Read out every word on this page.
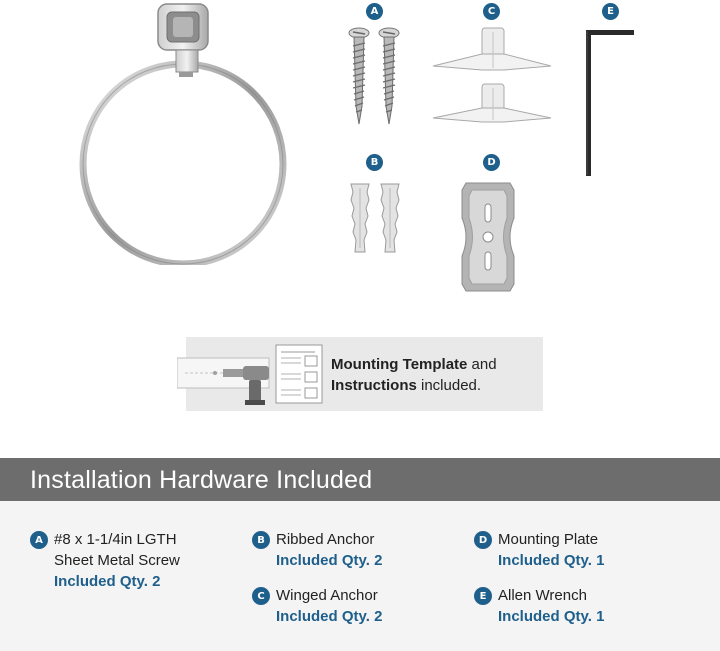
A
B
C
D
E
Mounting Template and
Instructions included.
Installation Hardware Included
A #8 x 1-1/4in LGTH
Sheet Metal Screw
Included Qty. 2
B Ribbed Anchor
Included Qty. 2
C Winged Anchor
Included Qty. 2
D Mounting Plate
Included Qty. 1
E Allen Wrench
Included Qty. 1
